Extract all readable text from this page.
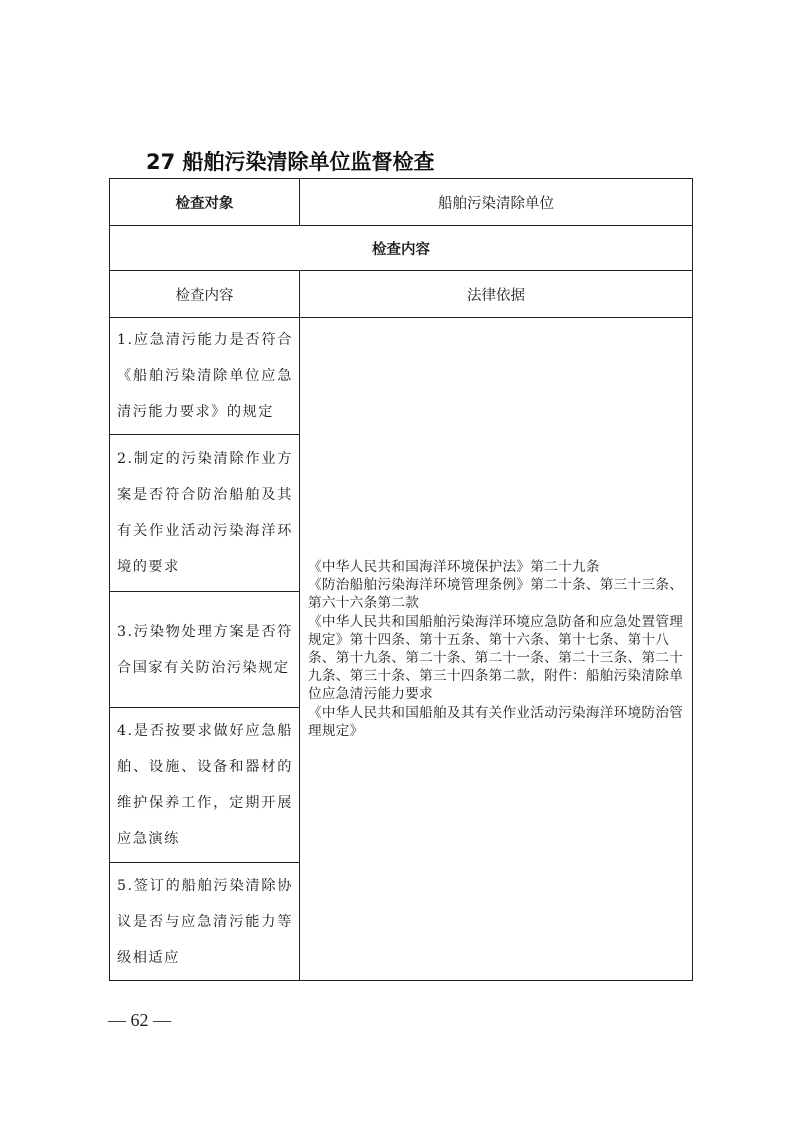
27 船舶污染清除单位监督检查
检查对象	船舶污染清除单位
检查内容	
检查内容	法律依据
1.应急清污能力是否符合《船舶污染清除单位应急清污能力要求》的规定	《中华人民共和国海洋环境保护法》第二十九条
《防治船舶污染海洋环境管理条例》第二十条、第三十三条、第六十六条第二款
《中华人民共和国船舶污染海洋环境应急防备和应急处置管理规定》第十四条、第十五条、第十六条、第十七条、第十八条、第十九条、第二十条、第二十一条、第二十三条、第二十九条、第三十条、第三十四条第二款，附件：船舶污染清除单位应急清污能力要求
《中华人民共和国船舶及其有关作业活动污染海洋环境防治管理规定》

2.制定的污染清除作业方案是否符合防治船舶及其有关作业活动污染海洋环境的要求	
3.污染物处理方案是否符合国家有关防治污染规定	
4.是否按要求做好应急船舶、设施、设备和器材的维护保养工作，定期开展应急演练	
5.签订的船舶污染清除协议是否与应急清污能力等级相适应	
— 62 —
